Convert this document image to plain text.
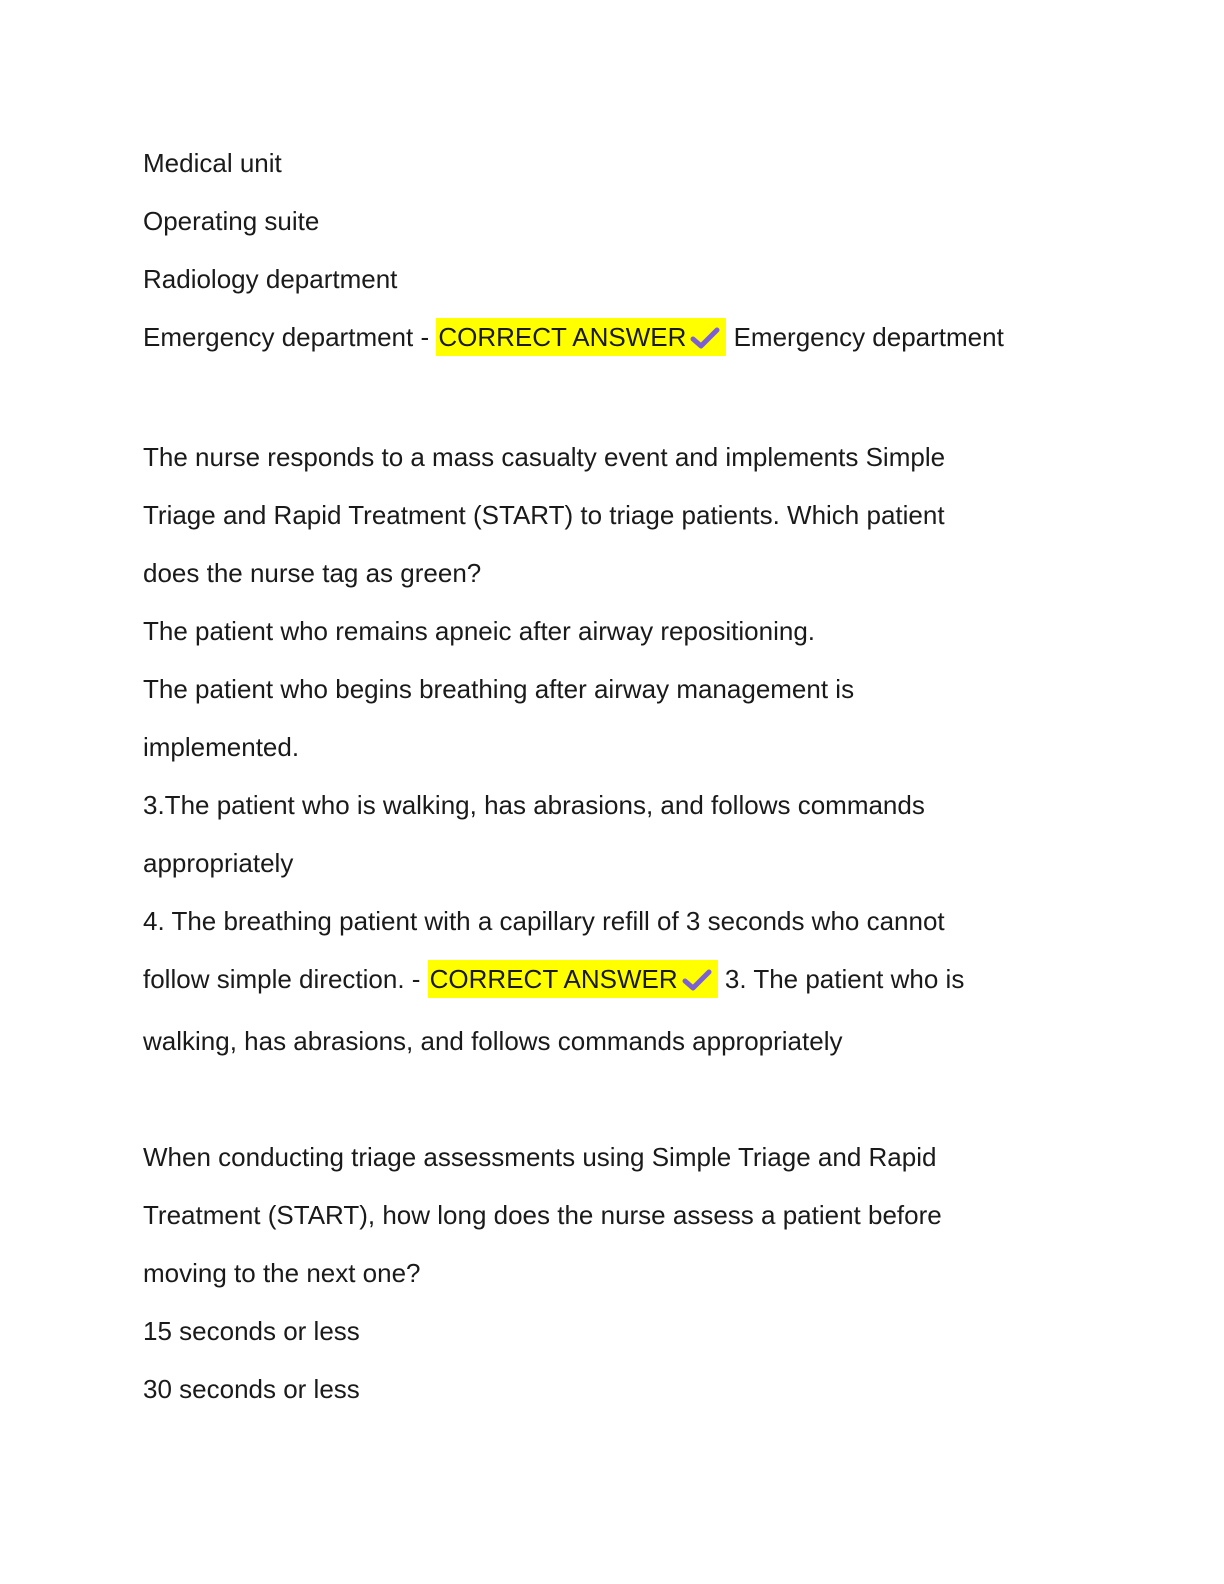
Medical unit
Operating suite
Radiology department
Emergency department - CORRECT ANSWER Emergency department
The nurse responds to a mass casualty event and implements Simple
Triage and Rapid Treatment (START) to triage patients. Which patient
does the nurse tag as green?
The patient who remains apneic after airway repositioning.
The patient who begins breathing after airway management is
implemented.
3.The patient who is walking, has abrasions, and follows commands
appropriately
4. The breathing patient with a capillary refill of 3 seconds who cannot
follow simple direction. - CORRECT ANSWER 3. The patient who is
walking, has abrasions, and follows commands appropriately
When conducting triage assessments using Simple Triage and Rapid
Treatment (START), how long does the nurse assess a patient before
moving to the next one?
15 seconds or less
30 seconds or less
